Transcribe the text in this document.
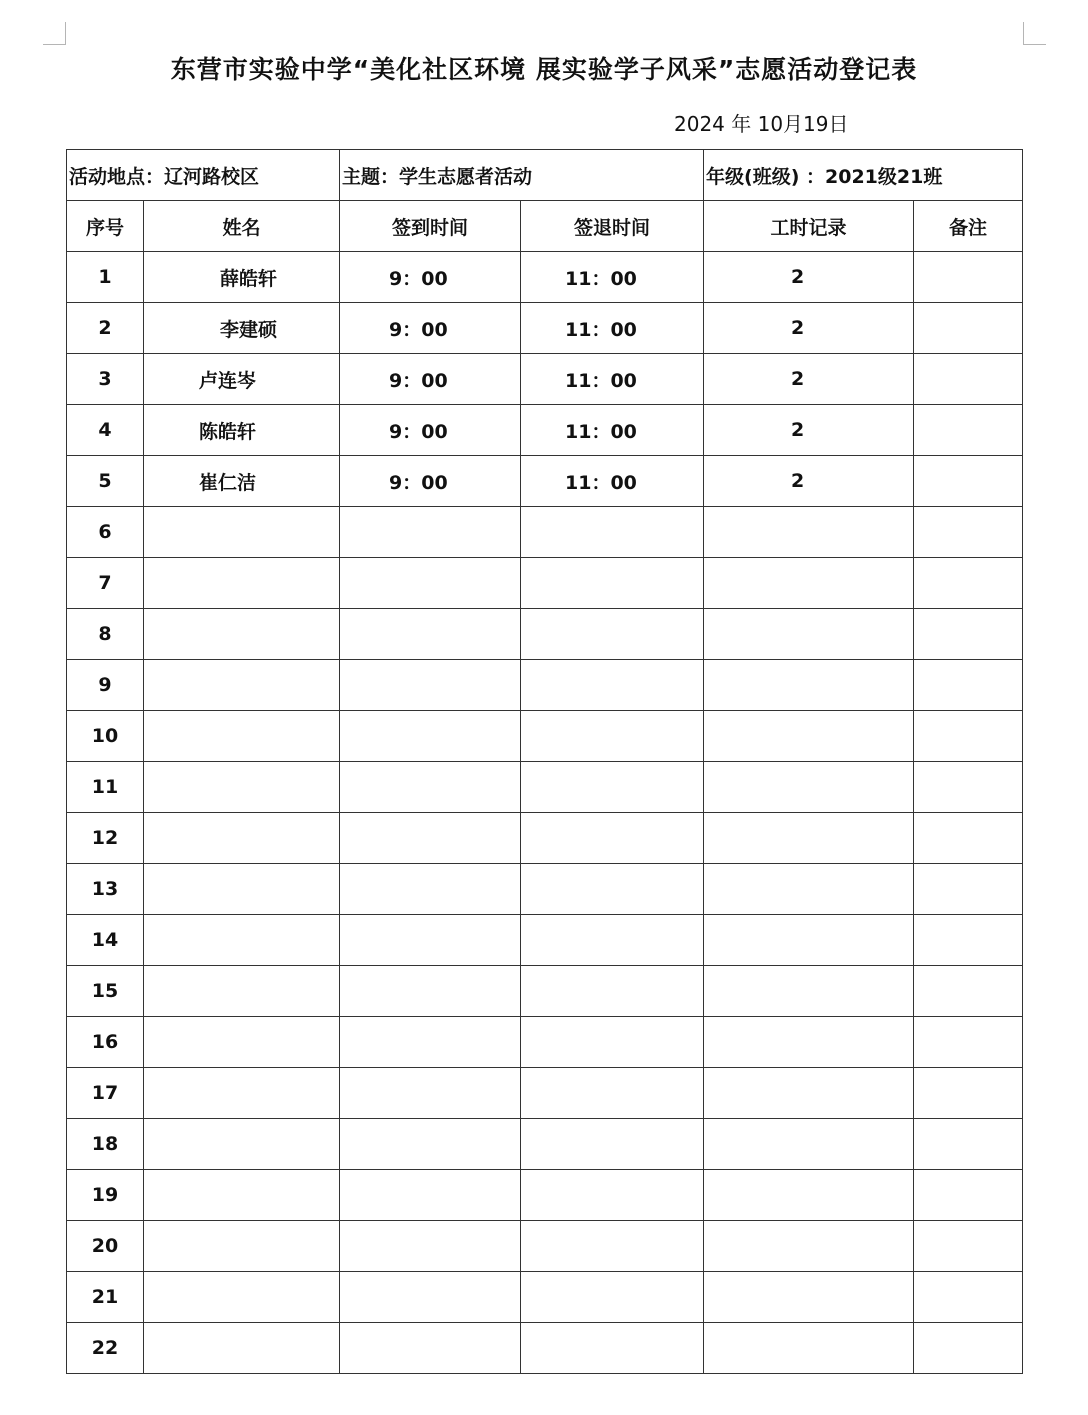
东营市实验中学“美化社区环境 展实验学子风采”志愿活动登记表
2024 年 10月19日
活动地点：辽河路校区		主题：学生志愿者活动		年级(班级) ：2021级21班	
序号	姓名	签到时间	签退时间	工时记录	备注
1	薛皓轩	9：00	11：00	2	
2	李建硕	9：00	11：00	2	
3	卢连岑	9：00	11：00	2	
4	陈皓轩	9：00	11：00	2	
5	崔仁洁	9：00	11：00	2	
6					
7					
8					
9					
10					
11					
12					
13					
14					
15					
16					
17					
18					
19					
20					
21					
22					
